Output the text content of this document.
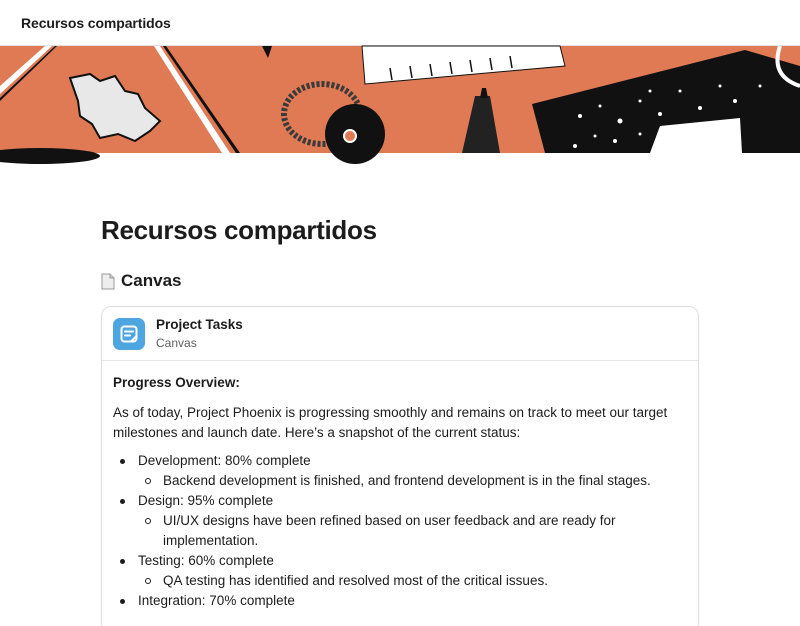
Recursos compartidos
Recursos compartidos
Canvas
Project Tasks
Canvas
Progress Overview:

As of today, Project Phoenix is progressing smoothly and remains on track to meet our target milestones and launch date. Here’s a snapshot of the current status:

Development: 80% complete
Backend development is finished, and frontend development is in the final stages.
Design: 95% complete
UI/UX designs have been refined based on user feedback and are ready for implementation.
Testing: 60% complete
QA testing has identified and resolved most of the critical issues.
Integration: 70% complete
